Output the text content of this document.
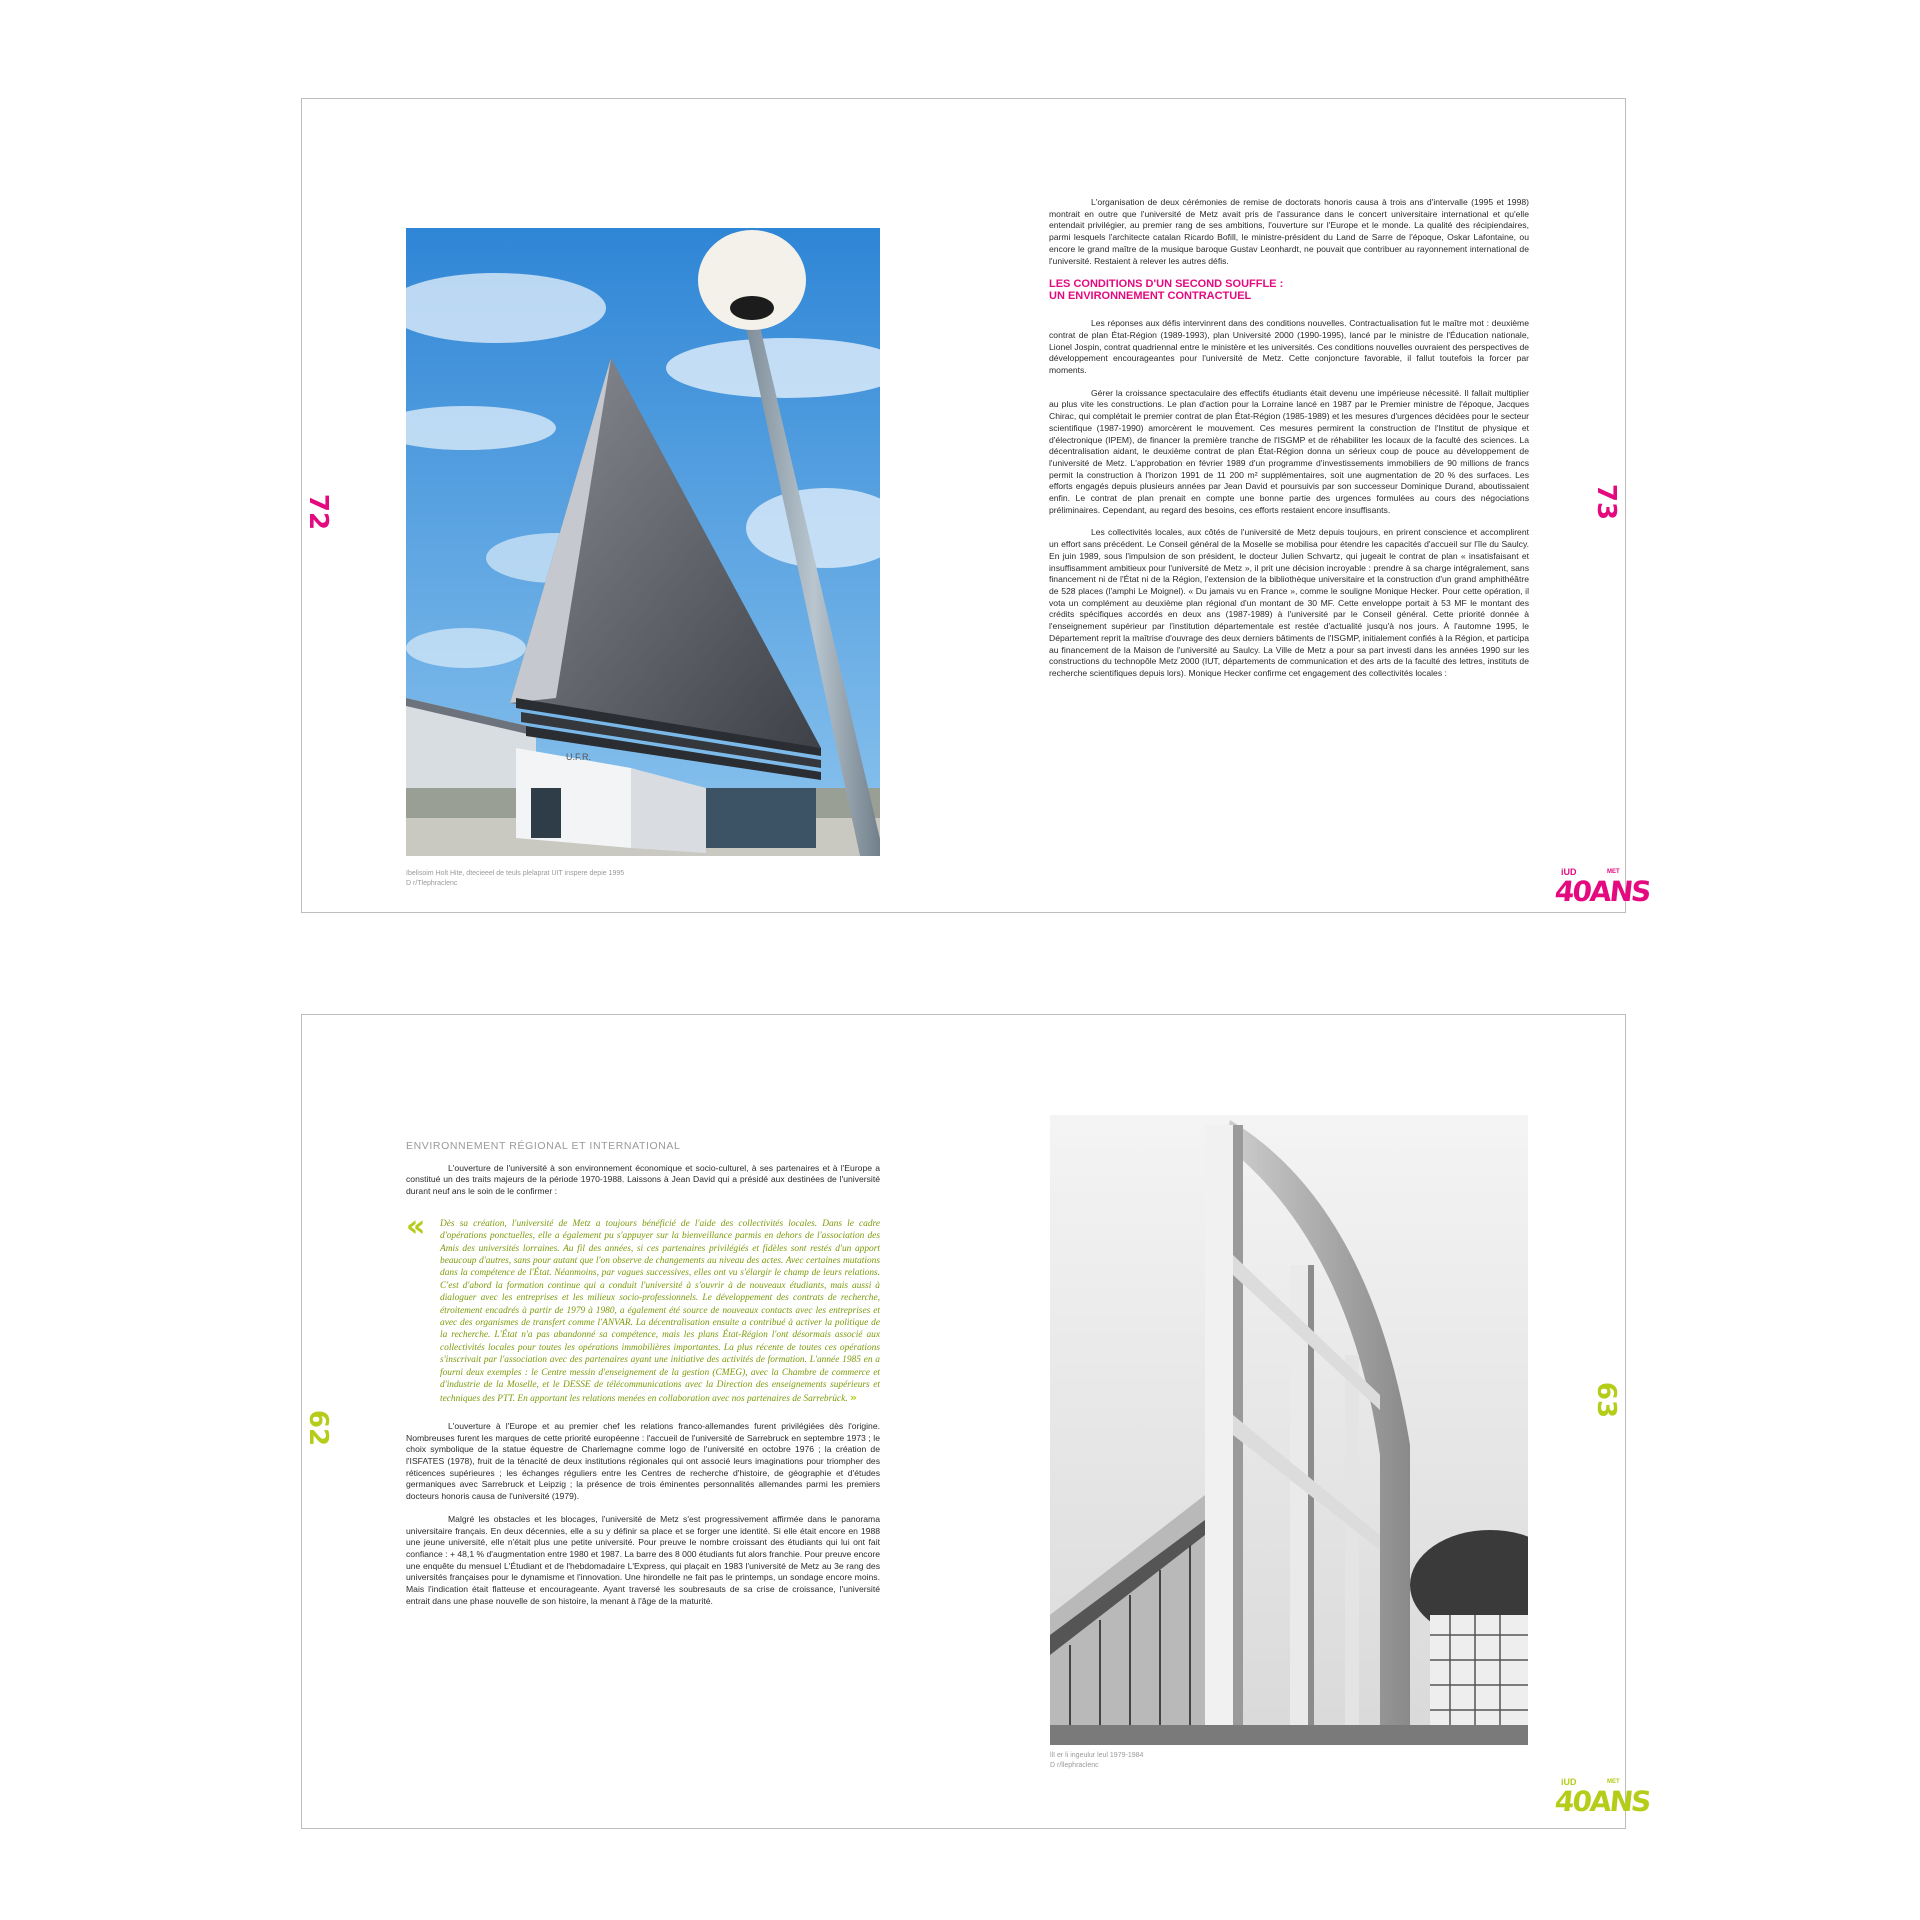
U.F.R.
Ibelisoim Holt Hite, dtecieeel de teuls plelaprat UIT inspere depie 1995
D r/Tlephraclenc
72	73

L'organisation de deux cérémonies de remise de doctorats honoris causa à trois ans d'intervalle (1995 et 1998) montrait en outre que l'université de Metz avait pris de l'assurance dans le concert universitaire international et qu'elle entendait privilégier, au premier rang de ses ambitions, l'ouverture sur l'Europe et le monde. La qualité des récipiendaires, parmi lesquels l'architecte catalan Ricardo Bofill, le ministre-président du Land de Sarre de l'époque, Oskar Lafontaine, ou encore le grand maître de la musique baroque Gustav Leonhardt, ne pouvait que contribuer au rayonnement international de l'université. Restaient à relever les autres défis.

LES CONDITIONS D'UN SECOND SOUFFLE :
UN ENVIRONNEMENT CONTRACTUEL

Les réponses aux défis intervinrent dans des conditions nouvelles. Contractualisation fut le maître mot : deuxième contrat de plan État-Région (1989-1993), plan Université 2000 (1990-1995), lancé par le ministre de l'Éducation nationale, Lionel Jospin, contrat quadriennal entre le ministère et les universités. Ces conditions nouvelles ouvraient des perspectives de développement encourageantes pour l'université de Metz. Cette conjoncture favorable, il fallut toutefois la forcer par moments.

Gérer la croissance spectaculaire des effectifs étudiants était devenu une impérieuse nécessité. Il fallait multiplier au plus vite les constructions. Le plan d'action pour la Lorraine lancé en 1987 par le Premier ministre de l'époque, Jacques Chirac, qui complétait le premier contrat de plan État-Région (1985-1989) et les mesures d'urgences décidées pour le secteur scientifique (1987-1990) amorcèrent le mouvement. Ces mesures permirent la construction de l'Institut de physique et d'électronique (IPEM), de financer la première tranche de l'ISGMP et de réhabiliter les locaux de la faculté des sciences. La décentralisation aidant, le deuxième contrat de plan État-Région donna un sérieux coup de pouce au développement de l'université de Metz. L'approbation en février 1989 d'un programme d'investissements immobiliers de 90 millions de francs permit la construction à l'horizon 1991 de 11 200 m² supplémentaires, soit une augmentation de 20 % des surfaces. Les efforts engagés depuis plusieurs années par Jean David et poursuivis par son successeur Dominique Durand, aboutissaient enfin. Le contrat de plan prenait en compte une bonne partie des urgences formulées au cours des négociations préliminaires. Cependant, au regard des besoins, ces efforts restaient encore insuffisants.

Les collectivités locales, aux côtés de l'université de Metz depuis toujours, en prirent conscience et accomplirent un effort sans précédent. Le Conseil général de la Moselle se mobilisa pour étendre les capacités d'accueil sur l'île du Saulcy. En juin 1989, sous l'impulsion de son président, le docteur Julien Schvartz, qui jugeait le contrat de plan « insatisfaisant et insuffisamment ambitieux pour l'université de Metz », il prit une décision incroyable : prendre à sa charge intégralement, sans financement ni de l'État ni de la Région, l'extension de la bibliothèque universitaire et la construction d'un grand amphithéâtre de 528 places (l'amphi Le Moignel). « Du jamais vu en France », comme le souligne Monique Hecker. Pour cette opération, il vota un complément au deuxième plan régional d'un montant de 30 MF. Cette enveloppe portait à 53 MF le montant des crédits spécifiques accordés en deux ans (1987-1989) à l'université par le Conseil général. Cette priorité donnée à l'enseignement supérieur par l'institution départementale est restée d'actualité jusqu'à nos jours. À l'automne 1995, le Département reprit la maîtrise d'ouvrage des deux derniers bâtiments de l'ISGMP, initialement confiés à la Région, et participa au financement de la Maison de l'université au Saulcy. La Ville de Metz a pour sa part investi dans les années 1990 sur les constructions du technopôle Metz 2000 (IUT, départements de communication et des arts de la faculté des lettres, instituts de recherche scientifiques depuis lors). Monique Hecker confirme cet engagement des collectivités locales :

iUD	MET
40ANS
62
63
ENVIRONNEMENT RÉGIONAL ET INTERNATIONAL

L'ouverture de l'université à son environnement économique et socio-culturel, à ses partenaires et à l'Europe a constitué un des traits majeurs de la période 1970-1988. Laissons à Jean David qui a présidé aux destinées de l'université durant neuf ans le soin de le confirmer :

« Dès sa création, l'université de Metz a toujours bénéficié de l'aide des collectivités locales. Dans le cadre d'opérations ponctuelles, elle a également pu s'appuyer sur la bienveillance parmis en dehors de l'association des Amis des universités lorraines. Au fil des années, si ces partenaires privilégiés et fidèles sont restés d'un apport beaucoup d'autres, sans pour autant que l'on observe de changements au niveau des actes. Avec certaines mutations dans la compétence de l'État. Néanmoins, par vagues successives, elles ont vu s'élargir le champ de leurs relations. C'est d'abord la formation continue qui a conduit l'université à s'ouvrir à de nouveaux étudiants, mais aussi à dialoguer avec les entreprises et les milieux socio-professionnels. Le développement des contrats de recherche, étroitement encadrés à partir de 1979 à 1980, a également été source de nouveaux contacts avec les entreprises et avec des organismes de transfert comme l'ANVAR. La décentralisation ensuite a contribué à activer la politique de la recherche. L'État n'a pas abandonné sa compétence, mais les plans État-Région l'ont désormais associé aux collectivités locales pour toutes les opérations immobilières importantes. La plus récente de toutes ces opérations s'inscrivait par l'association avec des partenaires ayant une initiative des activités de formation. L'année 1985 en a fourni deux exemples : le Centre messin d'enseignement de la gestion (CMEG), avec la Chambre de commerce et d'industrie de la Moselle, et le DESSE de télécommunications avec la Direction des enseignements supérieurs et techniques des PTT. En apportant les relations menées en collaboration avec nos partenaires de Sarrebrück. »

L'ouverture à l'Europe et au premier chef les relations franco-allemandes furent privilégiées dès l'origine. Nombreuses furent les marques de cette priorité européenne : l'accueil de l'université de Sarrebruck en septembre 1973 ; le choix symbolique de la statue équestre de Charlemagne comme logo de l'université en octobre 1976 ; la création de l'ISFATES (1978), fruit de la ténacité de deux institutions régionales qui ont associé leurs imaginations pour triompher des réticences supérieures ; les échanges réguliers entre les Centres de recherche d'histoire, de géographie et d'études germaniques avec Sarrebruck et Leipzig ; la présence de trois éminentes personnalités allemandes parmi les premiers docteurs honoris causa de l'université (1979).

Malgré les obstacles et les blocages, l'université de Metz s'est progressivement affirmée dans le panorama universitaire français. En deux décennies, elle a su y définir sa place et se forger une identité. Si elle était encore en 1988 une jeune université, elle n'était plus une petite université. Pour preuve le nombre croissant des étudiants qui lui ont fait confiance : + 48,1 % d'augmentation entre 1980 et 1987. La barre des 8 000 étudiants fut alors franchie. Pour preuve encore une enquête du mensuel L'Étudiant et de l'hebdomadaire L'Express, qui plaçait en 1983 l'université de Metz au 3e rang des universités françaises pour le dynamisme et l'innovation. Une hirondelle ne fait pas le printemps, un sondage encore moins. Mais l'indication était flatteuse et encourageante. Ayant traversé les soubresauts de sa crise de croissance, l'université entrait dans une phase nouvelle de son histoire, la menant à l'âge de la maturité.

llI er li ingeulur leul 1979-1984
D r/llephraclenc
iUD	MET
40ANS
